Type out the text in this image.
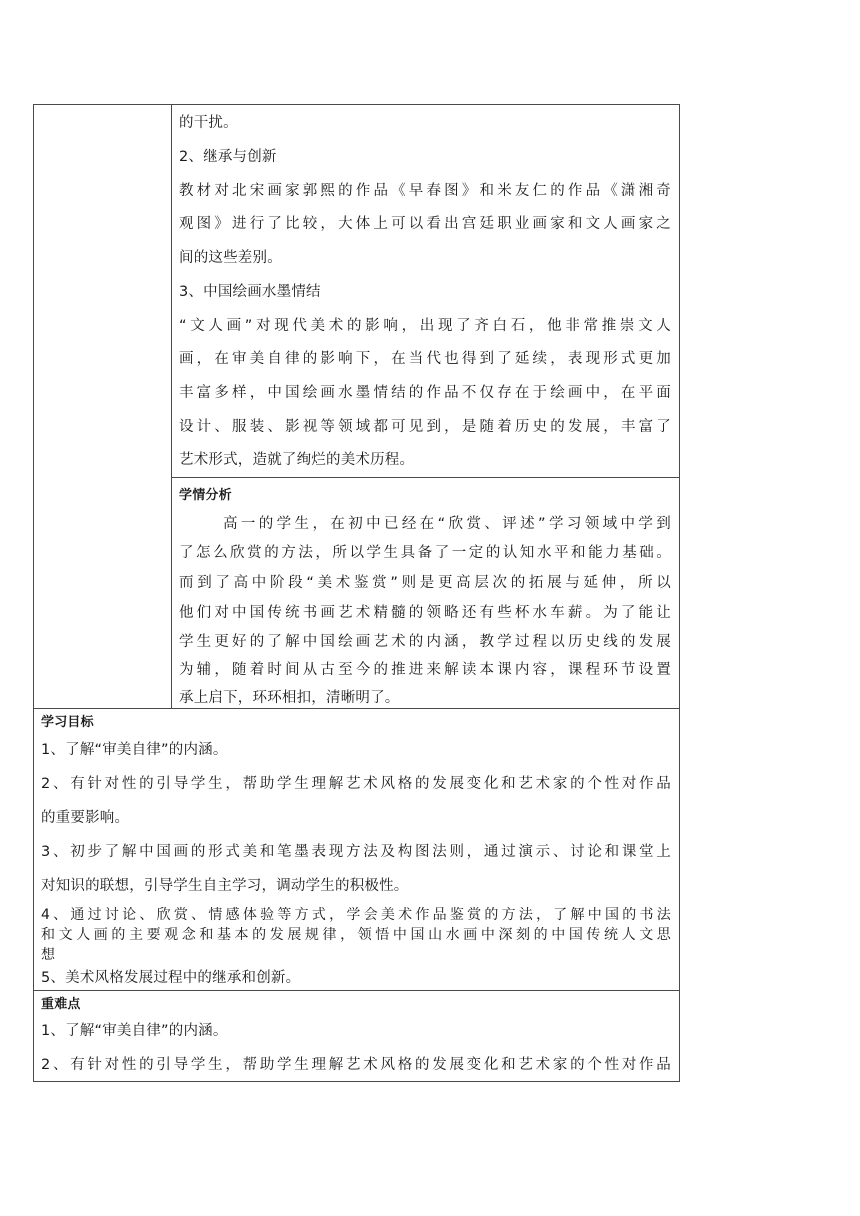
的干扰。
2、继承与创新
教材对北宋画家郭熙的作品《早春图》和米友仁的作品《潇湘奇
观图》进行了比较，大体上可以看出宫廷职业画家和文人画家之
间的这些差别。
3、中国绘画水墨情结
“文人画”对现代美术的影响，出现了齐白石，他非常推崇文人
画，在审美自律的影响下，在当代也得到了延续，表现形式更加
丰富多样，中国绘画水墨情结的作品不仅存在于绘画中，在平面
设计、服装、影视等领域都可见到，是随着历史的发展，丰富了
艺术形式，造就了绚烂的美术历程。
学情分析
高一的学生，在初中已经在“欣赏、评述”学习领域中学到
了怎么欣赏的方法，所以学生具备了一定的认知水平和能力基础。
而到了高中阶段“美术鉴赏”则是更高层次的拓展与延伸，所以
他们对中国传统书画艺术精髓的领略还有些杯水车薪。为了能让
学生更好的了解中国绘画艺术的内涵，教学过程以历史线的发展
为辅，随着时间从古至今的推进来解读本课内容，课程环节设置
承上启下，环环相扣，清晰明了。
学习目标
1、了解“审美自律”的内涵。
2、有针对性的引导学生，帮助学生理解艺术风格的发展变化和艺术家的个性对作品
的重要影响。
3、初步了解中国画的形式美和笔墨表现方法及构图法则，通过演示、讨论和课堂上
对知识的联想，引导学生自主学习，调动学生的积极性。
4、通过讨论、欣赏、情感体验等方式，学会美术作品鉴赏的方法，了解中国的书法
和文人画的主要观念和基本的发展规律，领悟中国山水画中深刻的中国传统人文思
想
5、美术风格发展过程中的继承和创新。
重难点
1、了解“审美自律”的内涵。
2、有针对性的引导学生，帮助学生理解艺术风格的发展变化和艺术家的个性对作品
